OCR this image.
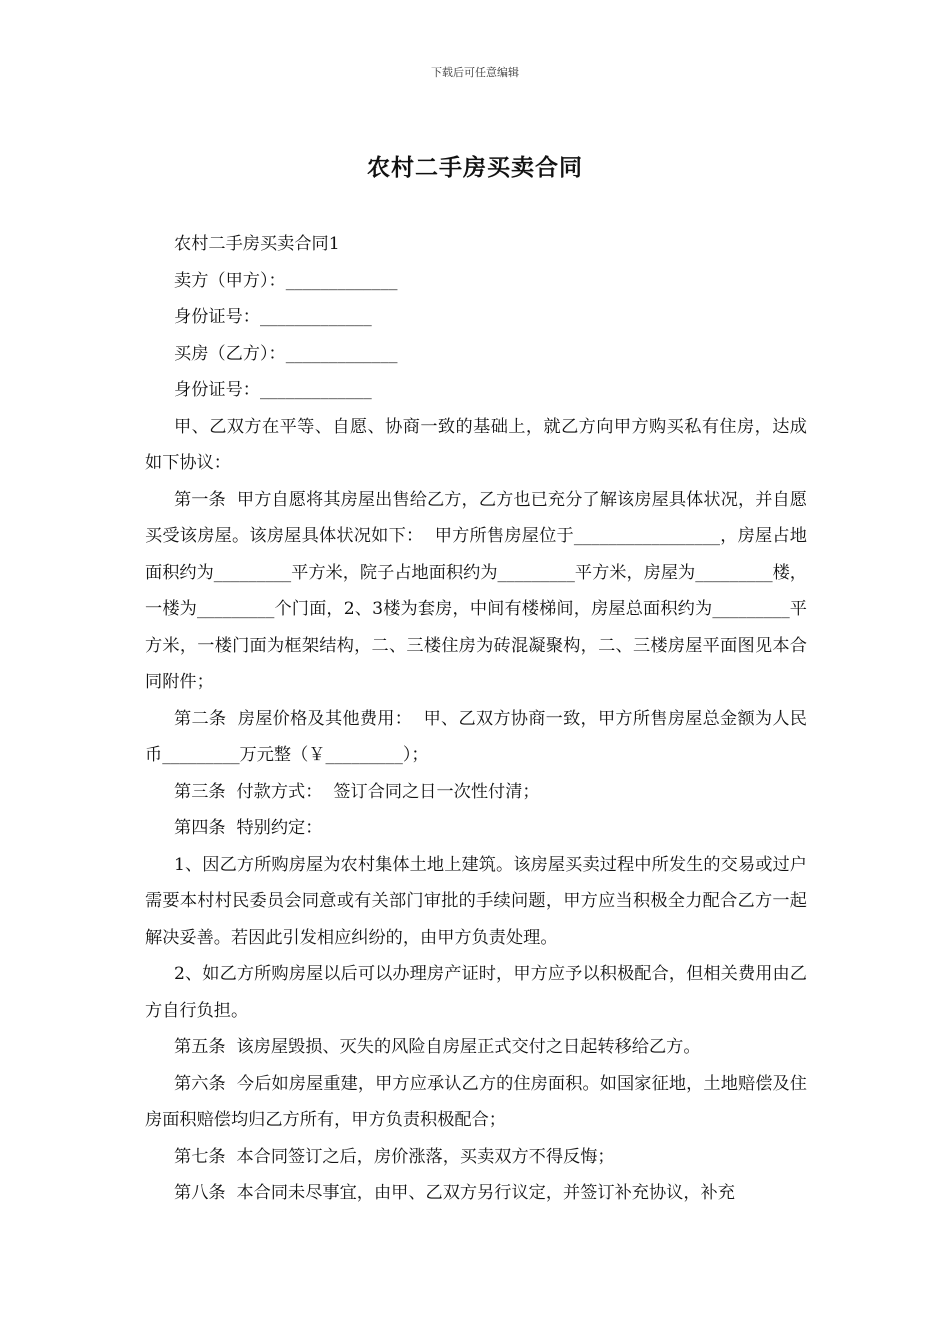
下载后可任意编辑
农村二手房买卖合同

农村二手房买卖合同1

卖方（甲方）：_____________

身份证号：_____________

买房（乙方）：_____________

身份证号：_____________

甲、乙双方在平等、自愿、协商一致的基础上，就乙方向甲方购买私有住房，达成如下协议：

第一条  甲方自愿将其房屋出售给乙方，乙方也已充分了解该房屋具体状况，并自愿买受该房屋。该房屋具体状况如下：  甲方所售房屋位于_________________，房屋占地面积约为_________平方米，院子占地面积约为_________平方米，房屋为_________楼，一楼为_________个门面，2、3楼为套房，中间有楼梯间，房屋总面积约为_________平方米，一楼门面为框架结构，二、三楼住房为砖混凝聚构，二、三楼房屋平面图见本合同附件；

第二条  房屋价格及其他费用：  甲、乙双方协商一致，甲方所售房屋总金额为人民币_________万元整（￥_________）；

第三条  付款方式：  签订合同之日一次性付清；

第四条  特别约定：

1、因乙方所购房屋为农村集体土地上建筑。该房屋买卖过程中所发生的交易或过户需要本村村民委员会同意或有关部门审批的手续问题，甲方应当积极全力配合乙方一起解决妥善。若因此引发相应纠纷的，由甲方负责处理。

2、如乙方所购房屋以后可以办理房产证时，甲方应予以积极配合，但相关费用由乙方自行负担。

第五条  该房屋毁损、灭失的风险自房屋正式交付之日起转移给乙方。

第六条  今后如房屋重建，甲方应承认乙方的住房面积。如国家征地，土地赔偿及住房面积赔偿均归乙方所有，甲方负责积极配合；

第七条  本合同签订之后，房价涨落，买卖双方不得反悔；

第八条  本合同未尽事宜，由甲、乙双方另行议定，并签订补充协议，补充
